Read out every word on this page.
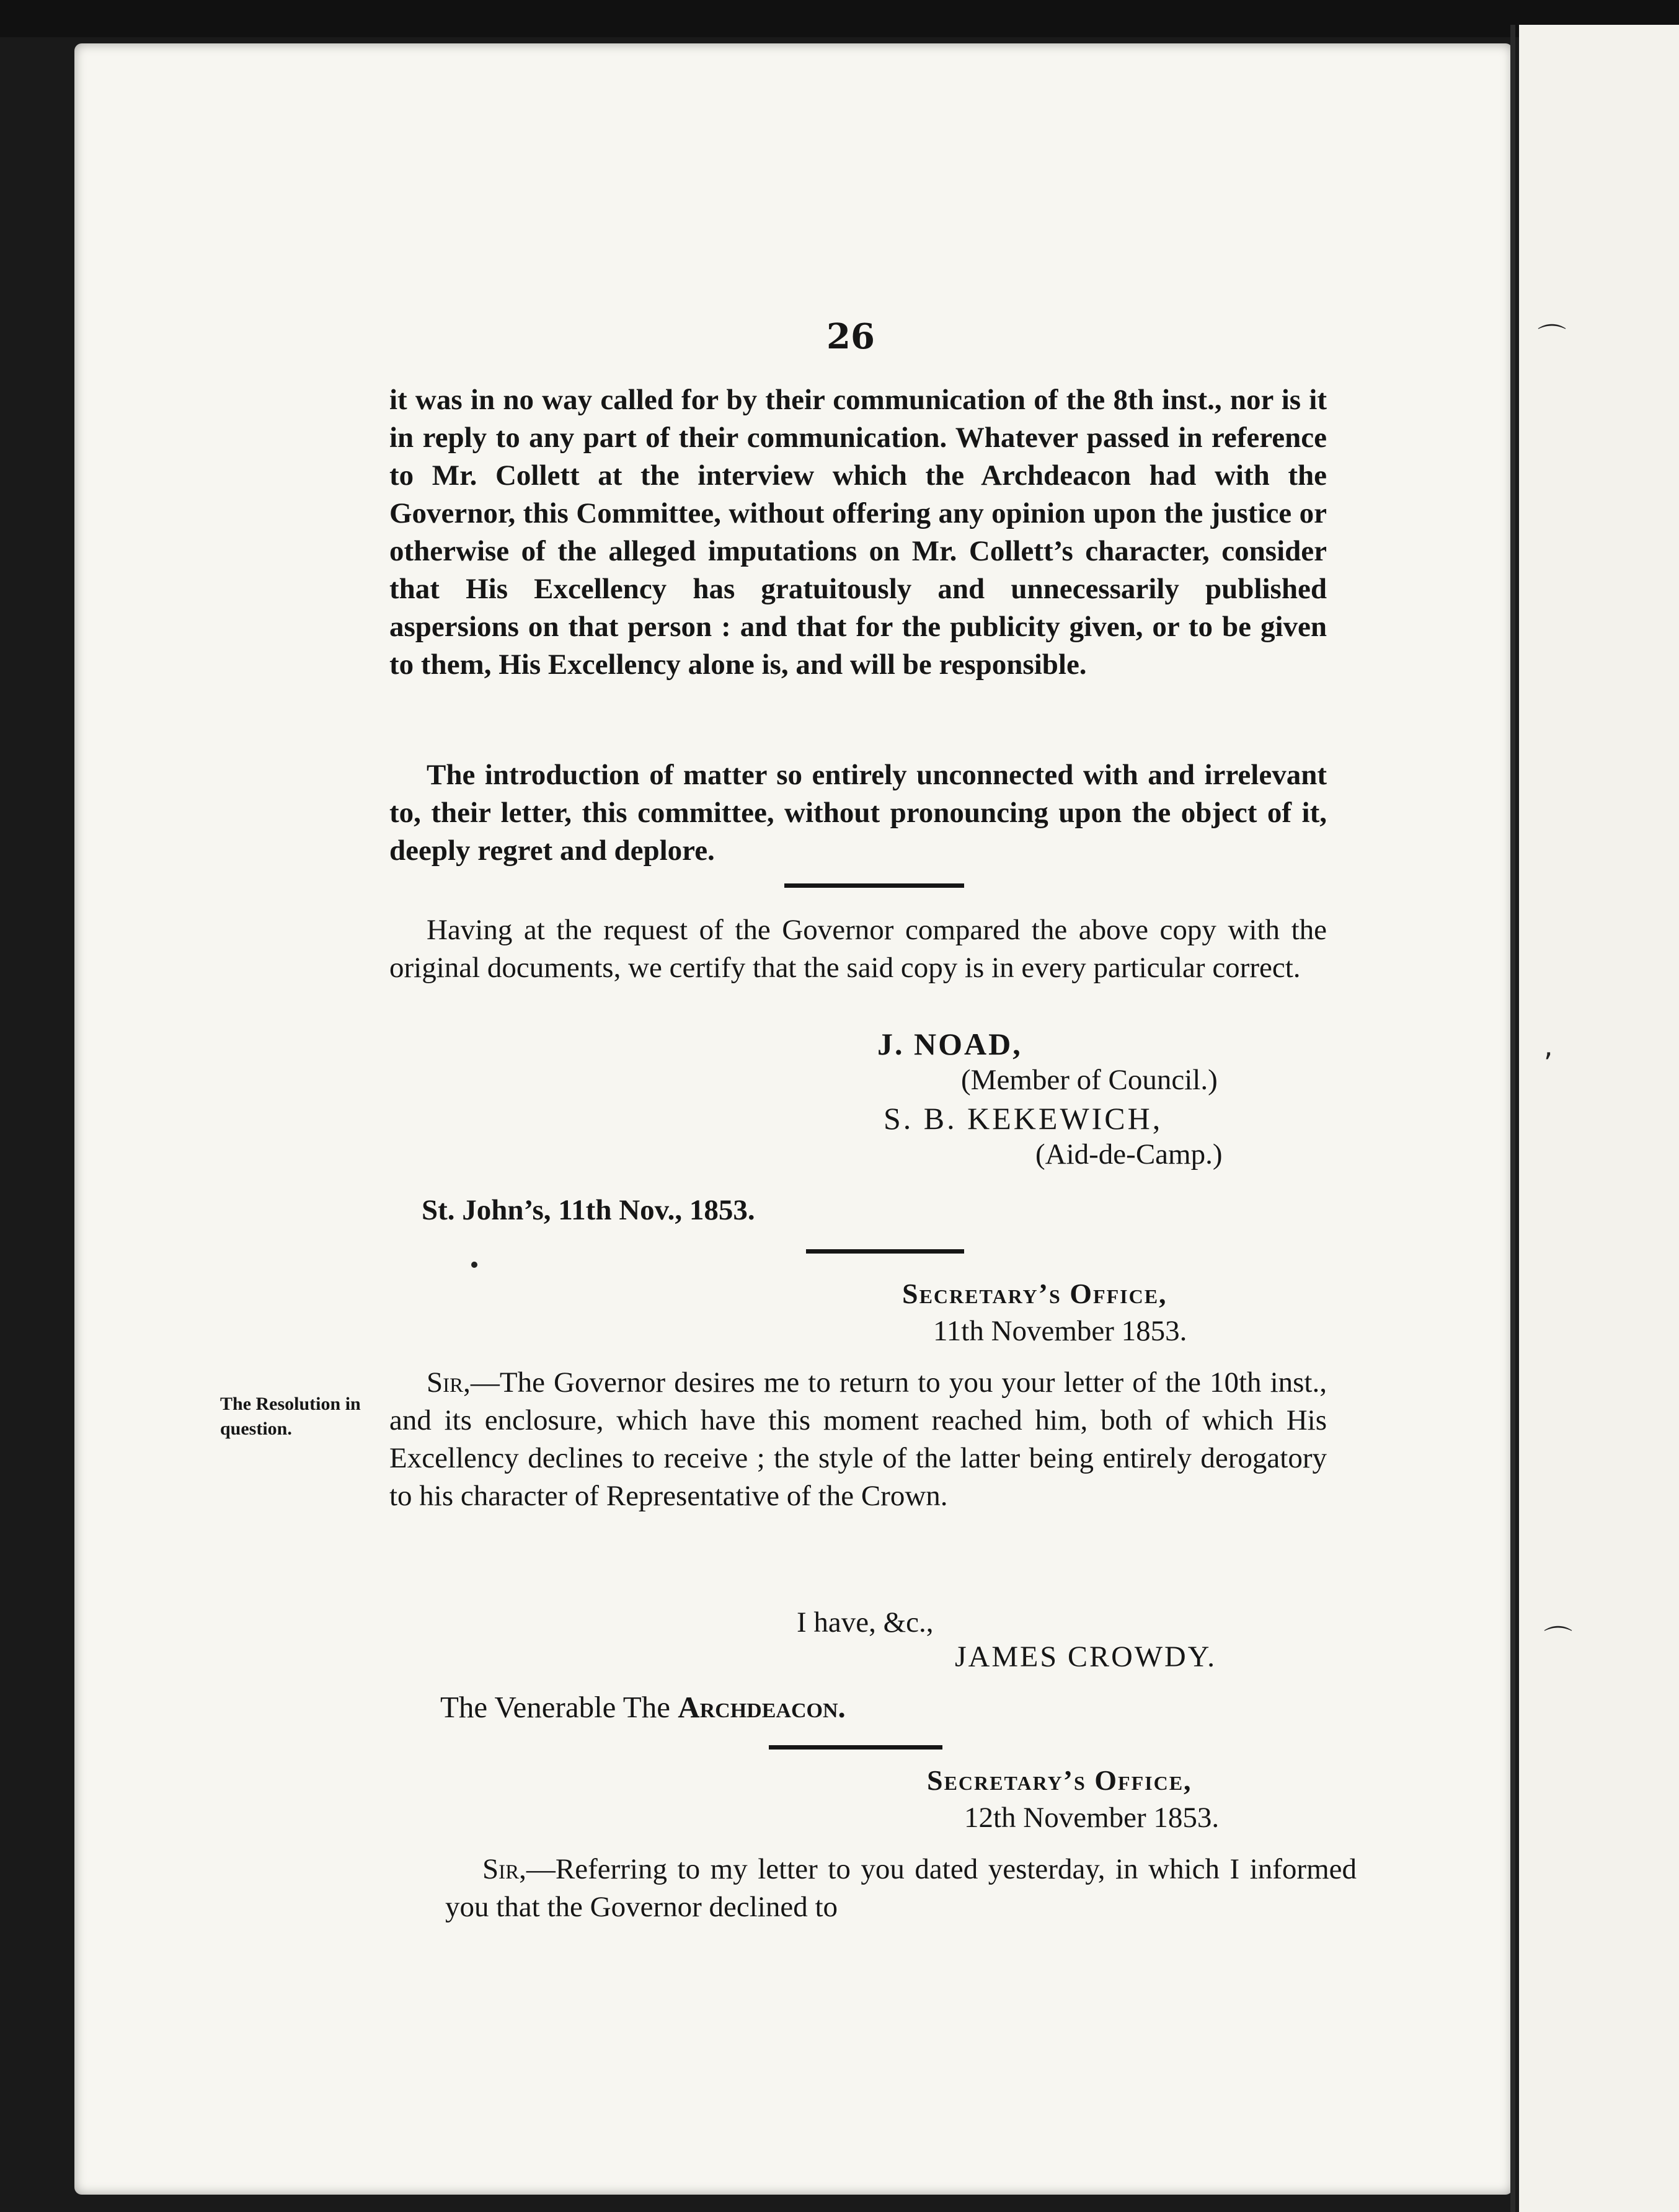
⌒
,
⌒
26
it was in no way called for by their communication of the 8th inst., nor is it in reply to any part of their communication. Whatever passed in reference to Mr. Collett at the interview which the Archdeacon had with the Governor, this Committee, without offering any opinion upon the justice or otherwise of the alleged imputations on Mr. Collett’s character, consider that His Excellency has gratuitously and unnecessarily published aspersions on that person : and that for the publicity given, or to be given to them, His Excellency alone is, and will be responsible.
The introduction of matter so entirely unconnected with and irrelevant to, their letter, this committee, without pronouncing upon the object of it, deeply regret and deplore.
Having at the request of the Governor compared the above copy with the original documents, we certify that the said copy is in every particular correct.
J. NOAD,
(Member of Council.)
S. B. KEKEWICH,
(Aid-de-Camp.)
St. John’s, 11th Nov., 1853.
Secretary’s Office,
11th November 1853.
The Resolution in question.
Sir,—The Governor desires me to return to you your letter of the 10th inst., and its enclosure, which have this moment reached him, both of which His Excellency declines to receive ; the style of the latter being entirely derogatory to his character of Representative of the Crown.
I have, &c.,
JAMES CROWDY.
The Venerable The Archdeacon.
Secretary’s Office,
12th November 1853.
Sir,—Referring to my letter to you dated yesterday, in which I informed you that the Governor declined to
